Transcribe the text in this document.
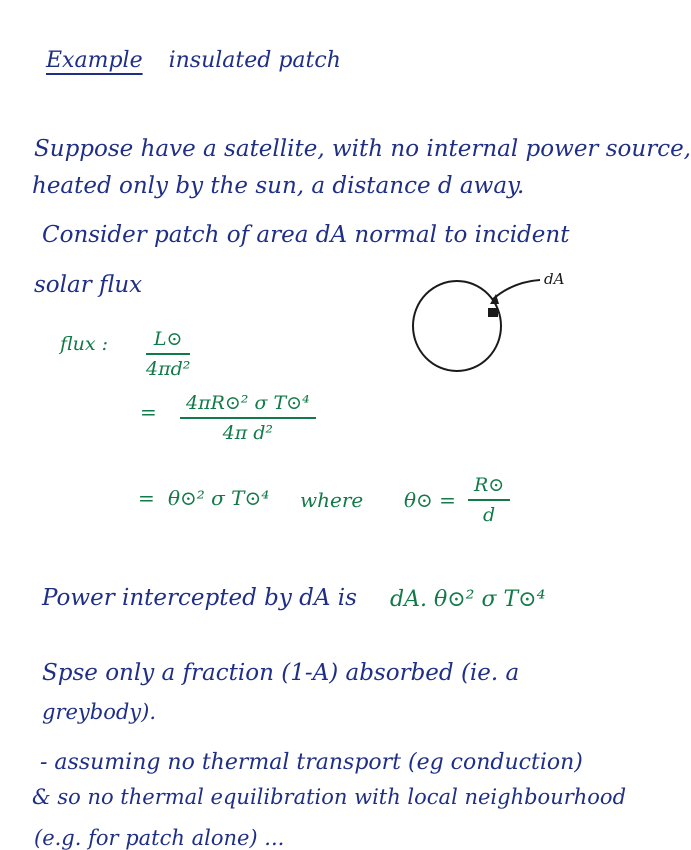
Example insulated patch
Suppose have a satellite, with no internal power source,
heated only by the sun, a distance d away.
Consider patch of area dA normal to incident
solar flux	dA
flux : $\frac{L⊙}{\text{4πd²}}$
= $\frac{\text{4πR⊙² σ T⊙⁴}}{\text{4π d²}}$
= θ⊙² σ T⊙⁴ where θ⊙ = $\frac{R⊙}{d}$
Power intercepted by dA is dA. θ⊙² σ T⊙⁴
Spse only a fraction (1-A) absorbed (ie. a
greybody).
- assuming no thermal transport (eg conduction)
& so no thermal equilibration with local neighbourhood
(e.g. for patch alone) ...
